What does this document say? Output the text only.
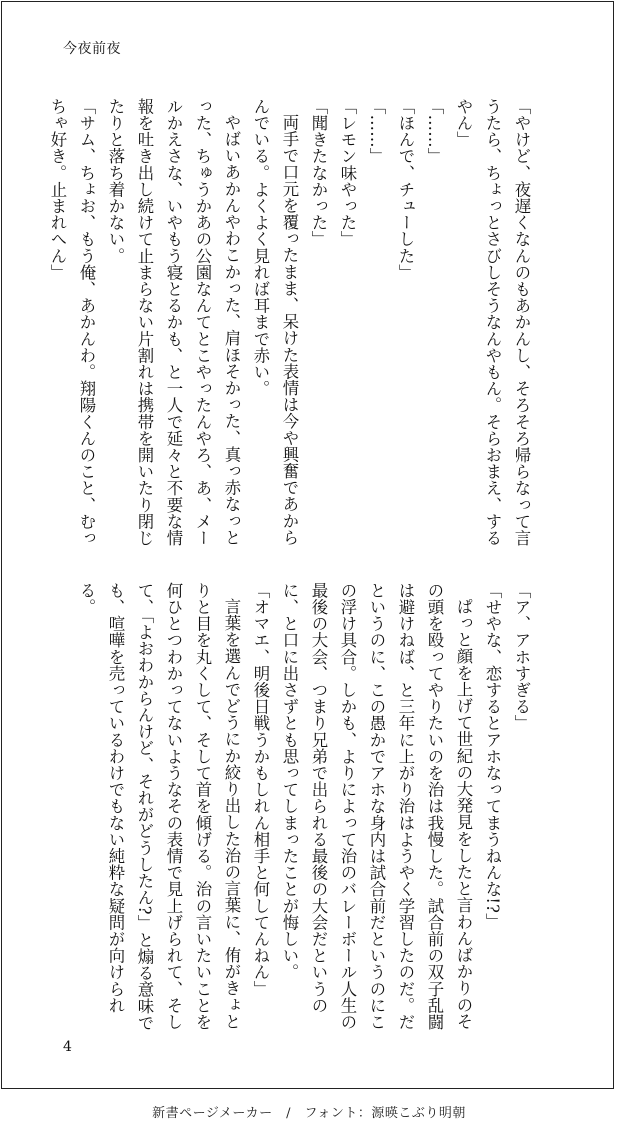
今夜前夜
「やけど、夜遅くなんのもあかんし、そろそろ帰らなって言うたら、ちょっとさびしそうなんやもん。そらおまえ、するやん」
「……」
「ほんで、チューした」
「……」
「レモン味やった」
「聞きたなかった」
両手で口元を覆ったまま、呆けた表情は今や興奮であからんでいる。よくよく見れば耳まで赤い。
やばいあかんやわこかった、肩ほそかった、真っ赤なっとった、ちゅうかあの公園なんてとこやったんやろ、あ、メールかえさな、いやもう寝とるかも、と一人で延々と不要な情報を吐き出し続けて止まらない片割れは携帯を開いたり閉じたりと落ち着かない。
「サム、ちょお、もう俺、あかんわ。翔陽くんのこと、むっちゃ好き。止まれへん」
「ア、アホすぎる」
「せやな、恋するとアホなってまうねんな!?」
ぱっと顔を上げて世紀の大発見をしたと言わんばかりのその頭を殴ってやりたいのを治は我慢した。試合前の双子乱闘は避けねば、と三年に上がり治はようやく学習したのだ。だというのに、この愚かでアホな身内は試合前だというのにこの浮け具合。しかも、よりによって治のバレーボール人生の最後の大会、つまり兄弟で出られる最後の大会だというのに、と口に出さずとも思ってしまったことが悔しい。
「オマエ、明後日戦うかもしれん相手と何してんねん」
言葉を選んでどうにか絞り出した治の言葉に、侑がきょとりと目を丸くして、そして首を傾げる。治の言いたいことを何ひとつわかってないようなその表情で見上げられて、そして、「よおわからんけど、それがどうしたん?」と煽る意味でも、喧嘩を売っているわけでもない純粋な疑問が向けられる。
4
新書ページメーカー　/　フォント：源暎こぶり明朝
